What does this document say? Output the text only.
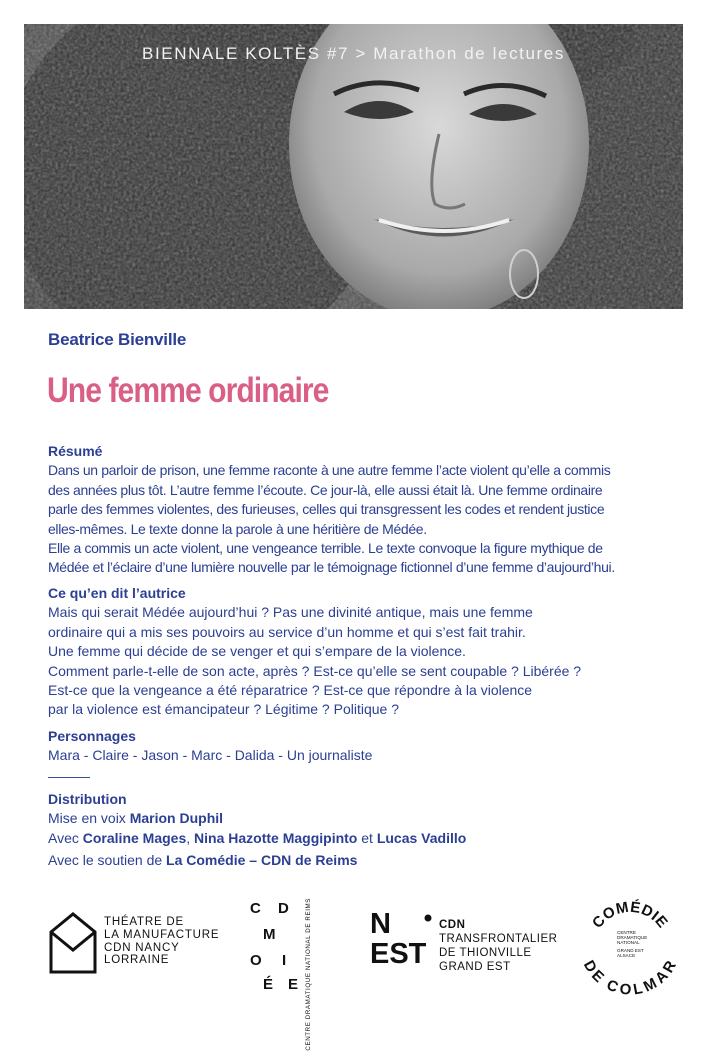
BIENNALE KOLTÈS #7 > Marathon de lectures
Beatrice Bienville
Une femme ordinaire
Résumé

Dans un parloir de prison, une femme raconte à une autre femme l’acte violent qu’elle a commis

des années plus tôt. L’autre femme l’écoute. Ce jour-là, elle aussi était là. Une femme ordinaire

parle des femmes violentes, des furieuses, celles qui transgressent les codes et rendent justice

elles-mêmes. Le texte donne la parole à une héritière de Médée.

Elle a commis un acte violent, une vengeance terrible. Le texte convoque la figure mythique de

Médée et l’éclaire d’une lumière nouvelle par le témoignage fictionnel d’une femme d’aujourd’hui.

Ce qu’en dit l’autrice

Mais qui serait Médée aujourd’hui ? Pas une divinité antique, mais une femme

ordinaire qui a mis ses pouvoirs au service d’un homme et qui s’est fait trahir.

Une femme qui décide de se venger et qui s’empare de la violence.

Comment parle-t-elle de son acte, après ? Est-ce qu’elle se sent coupable ? Libérée ?

Est-ce que la vengeance a été réparatrice ? Est-ce que répondre à la violence

par la violence est émancipateur ? Légitime ? Politique ?

Personnages

Mara - Claire - Jason - Marc - Dalida - Un journaliste

———
Distribution

Mise en voix Marion Duphil

Avec Coraline Mages, Nina Hazotte Maggipinto et Lucas Vadillo

Avec le soutien de La Comédie – CDN de Reims
THÉATRE DE
LA MANUFACTURE
CDN NANCY
LORRAINE
C D
M
O I
É E CENTRE DRAMATIQUE NATIONAL DE REIMS N
EST
CDN
TRANSFRONTALIER
DE THIONVILLE
GRAND EST
COMÉDIE
DE COLMAR
CENTRE
DRAMATIQUE
NATIONAL
GRAND EST
ALSACE
